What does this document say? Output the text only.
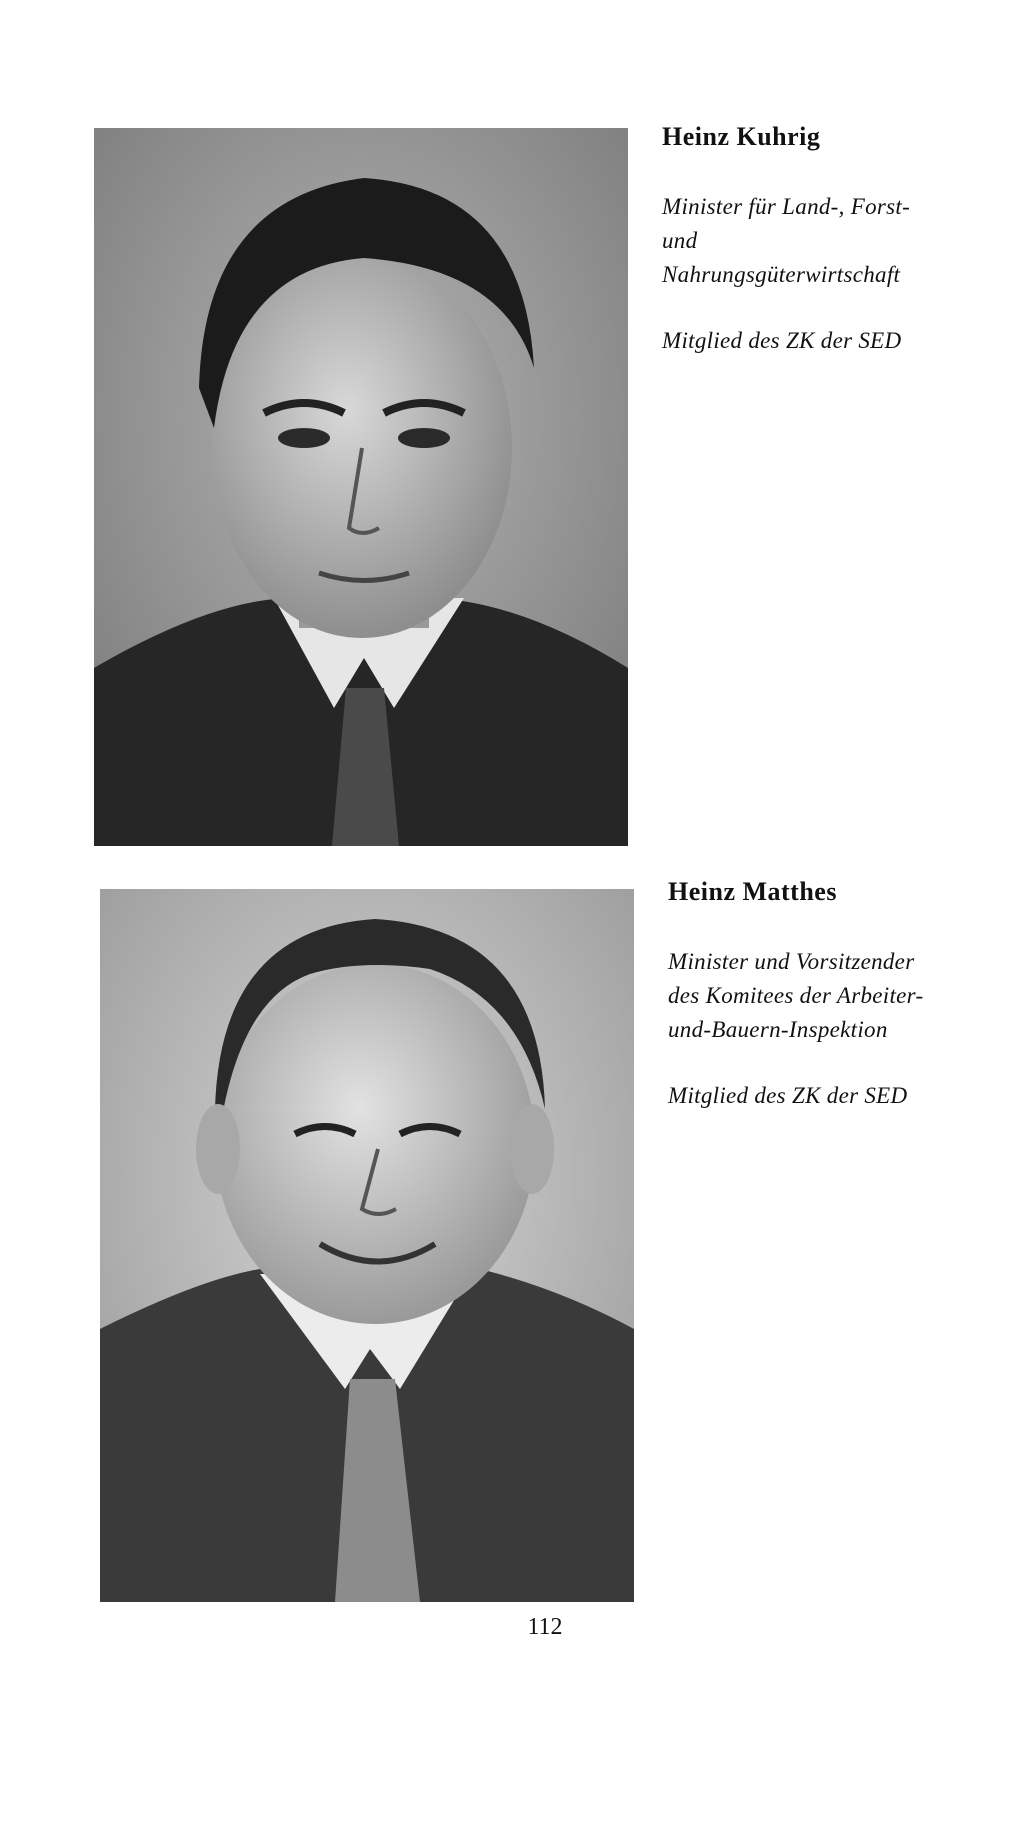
Heinz Kuhrig
Minister für Land-, Forst-
und
Nahrungsgüterwirtschaft
Mitglied des ZK der SED
Heinz Matthes
Minister und Vorsitzender
des Komitees der Arbeiter-
und-Bauern-Inspektion
Mitglied des ZK der SED
112
